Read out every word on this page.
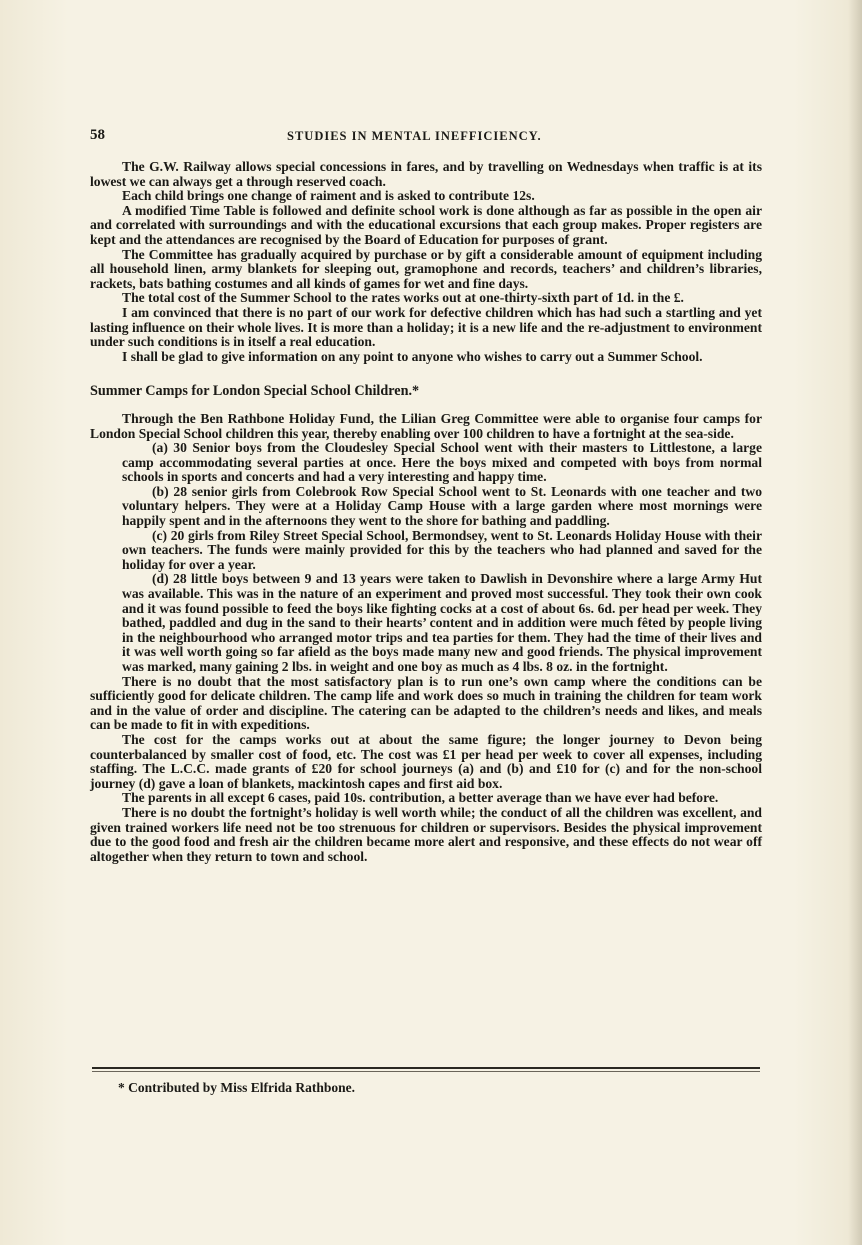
58	STUDIES IN MENTAL INEFFICIENCY.

The G.W. Railway allows special concessions in fares, and by travelling on Wednesdays when traffic is at its lowest we can always get a through reserved coach.

Each child brings one change of raiment and is asked to contribute 12s.

A modified Time Table is followed and definite school work is done although as far as possible in the open air and correlated with surroundings and with the educational excursions that each group makes. Proper registers are kept and the attendances are recognised by the Board of Education for purposes of grant.

The Committee has gradually acquired by purchase or by gift a considerable amount of equipment including all household linen, army blankets for sleeping out, gramophone and records, teachers’ and children’s libraries, rackets, bats bathing costumes and all kinds of games for wet and fine days.

The total cost of the Summer School to the rates works out at one-thirty-sixth part of 1d. in the £.

I am convinced that there is no part of our work for defective children which has had such a startling and yet lasting influence on their whole lives. It is more than a holiday; it is a new life and the re-adjustment to environment under such conditions is in itself a real education.

I shall be glad to give information on any point to anyone who wishes to carry out a Summer School.

Summer Camps for London Special School Children.*

Through the Ben Rathbone Holiday Fund, the Lilian Greg Committee were able to organise four camps for London Special School children this year, thereby enabling over 100 children to have a fortnight at the sea-side.

(a) 30 Senior boys from the Cloudesley Special School went with their masters to Littlestone, a large camp accommodating several parties at once. Here the boys mixed and competed with boys from normal schools in sports and concerts and had a very interesting and happy time.

(b) 28 senior girls from Colebrook Row Special School went to St. Leonards with one teacher and two voluntary helpers. They were at a Holiday Camp House with a large garden where most mornings were happily spent and in the afternoons they went to the shore for bathing and paddling.

(c) 20 girls from Riley Street Special School, Bermondsey, went to St. Leonards Holiday House with their own teachers. The funds were mainly provided for this by the teachers who had planned and saved for the holiday for over a year.

(d) 28 little boys between 9 and 13 years were taken to Dawlish in Devonshire where a large Army Hut was available. This was in the nature of an experiment and proved most successful. They took their own cook and it was found possible to feed the boys like fighting cocks at a cost of about 6s. 6d. per head per week. They bathed, paddled and dug in the sand to their hearts’ content and in addition were much fêted by people living in the neighbourhood who arranged motor trips and tea parties for them. They had the time of their lives and it was well worth going so far afield as the boys made many new and good friends. The physical improvement was marked, many gaining 2 lbs. in weight and one boy as much as 4 lbs. 8 oz. in the fortnight.

There is no doubt that the most satisfactory plan is to run one’s own camp where the conditions can be sufficiently good for delicate children. The camp life and work does so much in training the children for team work and in the value of order and discipline. The catering can be adapted to the children’s needs and likes, and meals can be made to fit in with expeditions.

The cost for the camps works out at about the same figure; the longer journey to Devon being counterbalanced by smaller cost of food, etc. The cost was £1 per head per week to cover all expenses, including staffing. The L.C.C. made grants of £20 for school journeys (a) and (b) and £10 for (c) and for the non-school journey (d) gave a loan of blankets, mackintosh capes and first aid box.

The parents in all except 6 cases, paid 10s. contribution, a better average than we have ever had before.

There is no doubt the fortnight’s holiday is well worth while; the conduct of all the children was excellent, and given trained workers life need not be too strenuous for children or supervisors. Besides the physical improvement due to the good food and fresh air the children became more alert and responsive, and these effects do not wear off altogether when they return to town and school.

* Contributed by Miss Elfrida Rathbone.
